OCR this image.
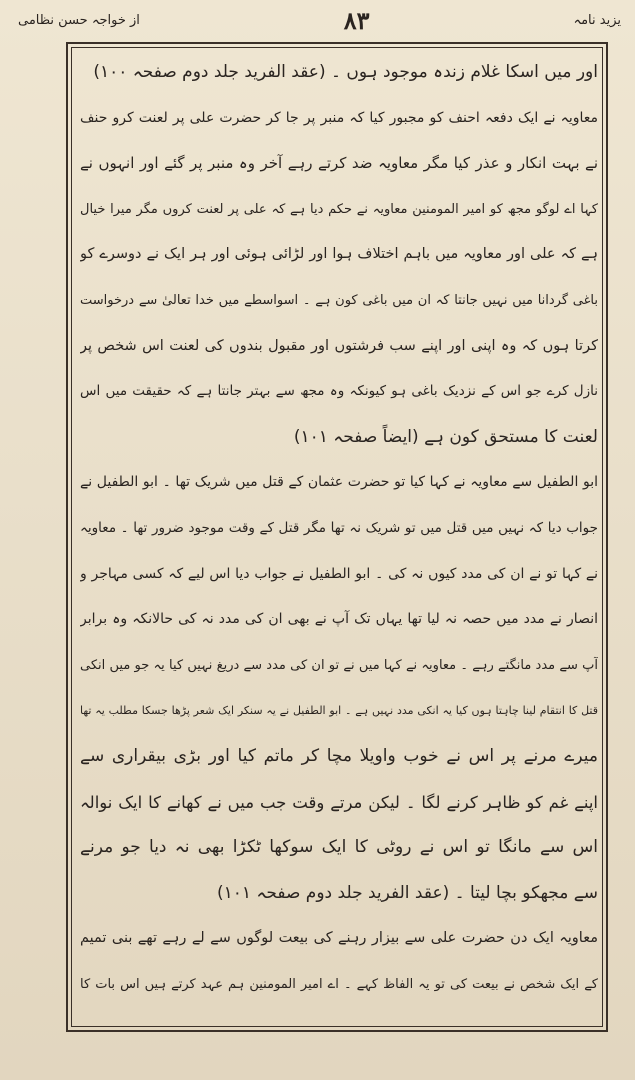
یزید نامہ
۸۳
از خواجہ حسن نظامی
اور میں اسکا غلام زندہ موجود ہوں ۔ (عقد الفرید جلد دوم صفحہ ۱۰۰)
معاویہ نے ایک دفعہ احنف کو مجبور کیا کہ منبر پر جا کر حضرت علی پر لعنت کرو حنف
نے بہت انکار و عذر کیا مگر معاویہ ضد کرتے رہے آخر وہ منبر پر گئے اور انہوں نے
کہا اے لوگو مجھ کو امیر المومنین معاویہ نے حکم دیا ہے کہ علی پر لعنت کروں مگر میرا خیال
ہے کہ علی اور معاویہ میں باہم اختلاف ہوا اور لڑائی ہوئی اور ہر ایک نے دوسرے کو
باغی گردانا میں نہیں جانتا کہ ان میں باغی کون ہے ۔ اسواسطے میں خدا تعالیٰ سے درخواست
کرتا ہوں کہ وہ اپنی اور اپنے سب فرشتوں اور مقبول بندوں کی لعنت اس شخص پر
نازل کرے جو اس کے نزدیک باغی ہو کیونکہ وہ مجھ سے بہتر جانتا ہے کہ حقیقت میں اس
لعنت کا مستحق کون ہے (ایضاً صفحہ ۱۰۱)
ابو الطفیل سے معاویہ نے کہا کیا تو حضرت عثمان کے قتل میں شریک تھا ۔ ابو الطفیل نے
جواب دیا کہ نہیں میں قتل میں تو شریک نہ تھا مگر قتل کے وقت موجود ضرور تھا ۔ معاویہ
نے کہا تو نے ان کی مدد کیوں نہ کی ۔ ابو الطفیل نے جواب دیا اس لیے کہ کسی مہاجر و
انصار نے مدد میں حصہ نہ لیا تھا یہاں تک آپ نے بھی ان کی مدد نہ کی حالانکہ وہ برابر
آپ سے مدد مانگتے رہے ۔ معاویہ نے کہا میں نے تو ان کی مدد سے دریغ نہیں کیا یہ جو میں انکی
قتل کا انتقام لینا چاہتا ہوں کیا یہ انکی مدد نہیں ہے ۔ ابو الطفیل نے یہ سنکر ایک شعر پڑھا جسکا مطلب یہ تھا
میرے مرنے پر اس نے خوب واویلا مچا کر ماتم کیا اور بڑی بیقراری سے
اپنے غم کو ظاہر کرنے لگا ۔ لیکن مرتے وقت جب میں نے کھانے کا ایک نوالہ
اس سے مانگا تو اس نے روٹی کا ایک سوکھا ٹکڑا بھی نہ دیا جو مرنے
سے مجھکو بچا لیتا ۔ (عقد الفرید جلد دوم صفحہ ۱۰۱)
معاویہ ایک دن حضرت علی سے بیزار رہنے کی بیعت لوگوں سے لے رہے تھے بنی تمیم
کے ایک شخص نے بیعت کی تو یہ الفاظ کہے ۔ اے امیر المومنین ہم عہد کرتے ہیں اس بات کا
